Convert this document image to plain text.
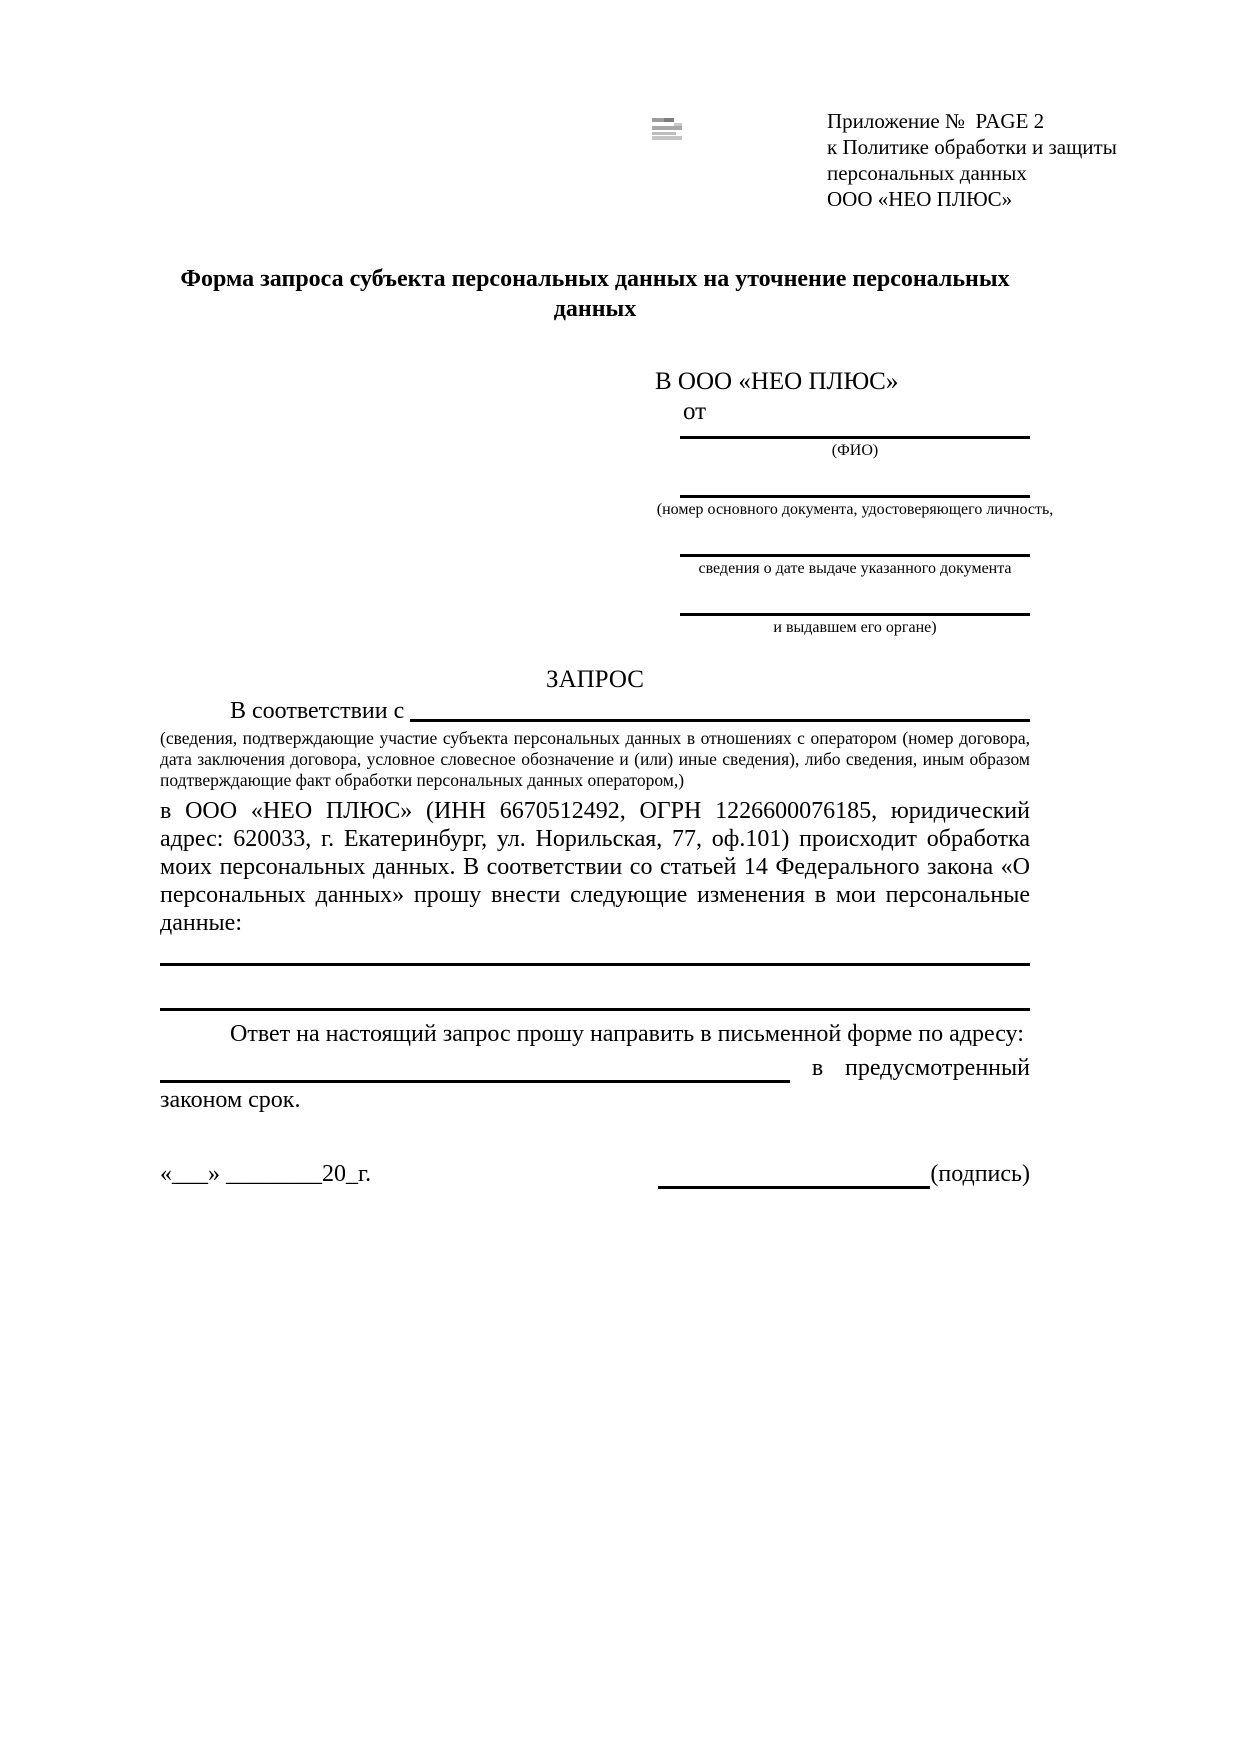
Приложение №  PAGE 2
к Политике обработки и защиты
персональных данных
ООО «НЕО ПЛЮС»
Форма запроса субъекта персональных данных на уточнение персональных данных
В ООО «НЕО ПЛЮС»
от
(ФИО)
(номер основного документа, удостоверяющего личность,
сведения о дате выдаче указанного документа
и выдавшем его органе)
ЗАПРОС
В соответствии с
(сведения, подтверждающие участие субъекта персональных данных в отношениях с оператором (номер договора, дата заключения договора, условное словесное обозначение и (или) иные сведения), либо сведения, иным образом подтверждающие факт обработки персональных данных оператором,)
в ООО «НЕО ПЛЮС» (ИНН 6670512492, ОГРН 1226600076185, юридический адрес: 620033, г. Екатеринбург, ул. Норильская, 77, оф.101) происходит обработка моих персональных данных. В соответствии со статьей 14 Федерального закона «О персональных данных» прошу внести следующие изменения в мои персональные данные:
Ответ на настоящий запрос прошу направить в письменной форме по адресу:
в предусмотренный
законом срок.
«___» ________20_г.	(подпись)
